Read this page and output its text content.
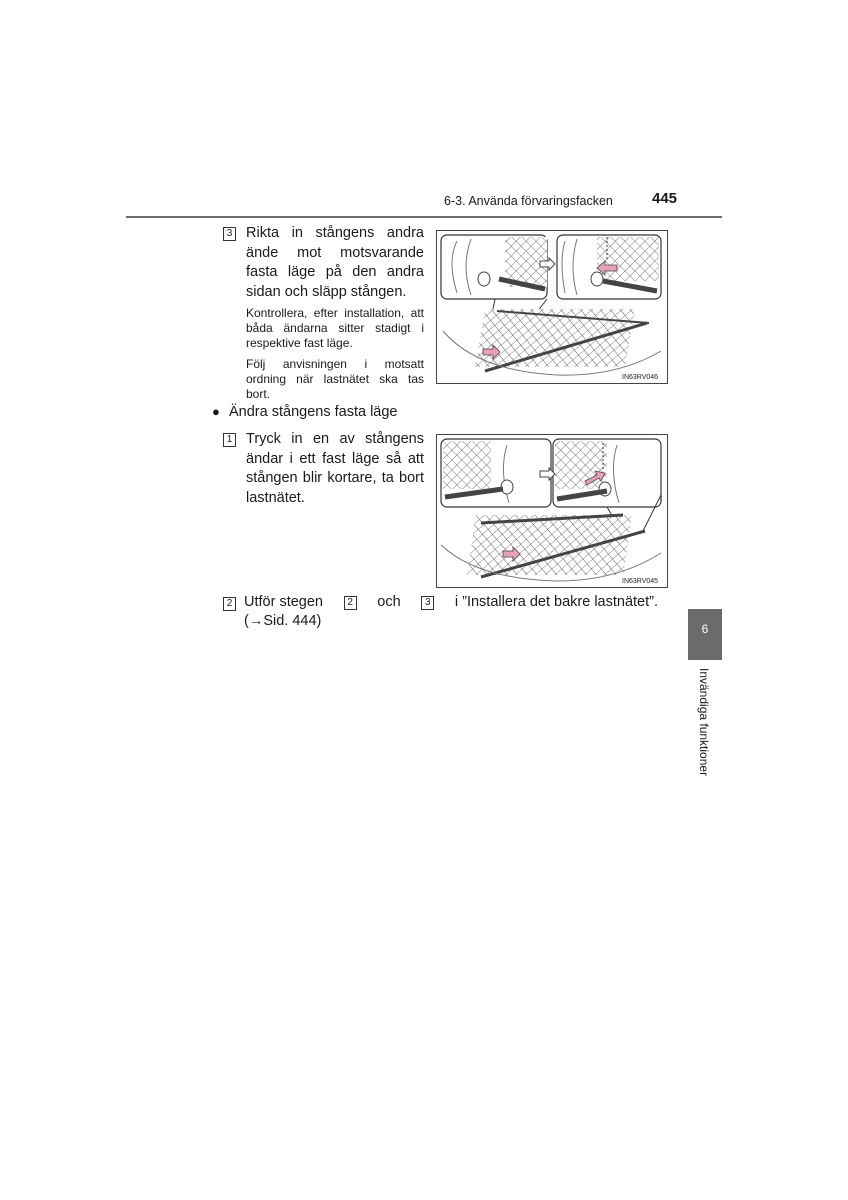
6-3. Använda förvaringsfacken	445
6
Invändiga funktioner
3 Rikta in stångens andra ände mot motsvarande fasta läge på den andra sidan och släpp stången.
Kontrollera, efter installation, att båda ändarna sitter stadigt i respektive fast läge.
Följ anvisningen i motsatt ordning när lastnätet ska tas bort.
IN63RV046
● Ändra stångens fasta läge
1 Tryck in en av stångens ändar i ett fast läge så att stången blir kortare, ta bort lastnätet.
IN63RV045
2 Utför stegen	2 och	3 i ”Installera det bakre lastnätet”.
(→Sid. 444)
